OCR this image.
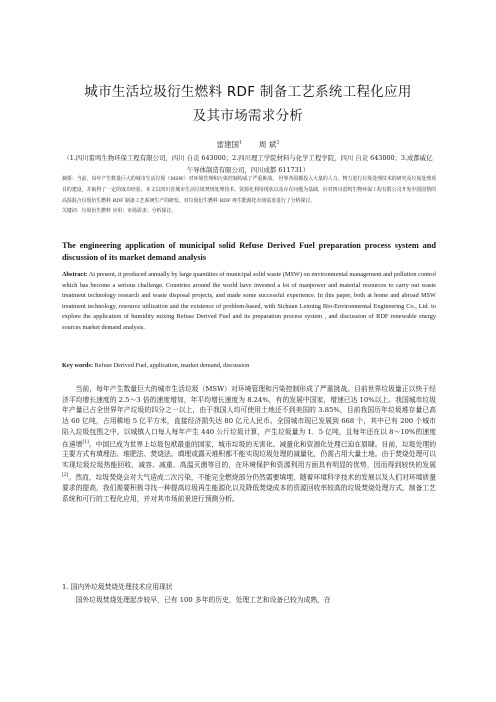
城市生活垃圾衍生燃料 RDF 制备工艺系统工程化应用
及其市场需求分析
雷建国$^1$ 周 斌$^2$
（1.四川雷鸣生物环保工程有限公司，四川 自贡 643000；2.四川理工学院材料与化学工程学院，四川 自贡 643000；3.成都威亿午导体制造有限公司，四川成都 611731）
摘要：当前，每年产生数量巨大的城市生活垃圾（MSW）对环境管理和污染控制构成了严重挑战。 世界各国都投入大量的人力、物力进行垃圾处理技术的研究及垃圾处理项目的建设，并取得了一定的成功经验。本文以四川省城市生活垃圾焚烧处理技术、资源化利用现状以及存在问题为基础，针对四川雷鸣生物环保工程有限公司开发中国国情的高湿混合垃圾衍生燃料 RDF 制备工艺系统生产的研发，对垃圾衍生燃料 RDF 再生能源化市场需求进行了分析探讨。
关键词：垃圾衍生燃料 应用；市场需求；分析探讨。
The engineering application of municipal solid Refuse Derived Fuel preparation process system and discussion of its market demand analysis
Abstract: At present, it produced annually by large quantities of municipal solid waste (MSW) on environmental management and pollution control which has become a serious challenge. Countries around the world have invested a lot of manpower and material resources to carry out waste treatment technology research and waste disposal projects, and made some successful experience. In this paper, both at home and abroad MSW treatment technology, resource utilization and the existence of problem-based, with Sichuan Leiming Bio-Environmental Engineering Co., Ltd. to explore the application of humidity mixing Refuse Derived Fuel and its preparation process system , and discussion of RDF renewable energy sources market demand analysis.
Key words: Refuse Derived Fuel, application, market demand, discussion
当前，每年产生数量巨大的城市生活垃圾（MSW）对环境管理和污染控制形成了严重挑战。目前世界垃圾量正以快于经济平均增长速度的 2.5～3 倍的速度增加，年平均增长速度为 8.24%，有的发展中国家，增速已达 10%以上。我国城市垃圾年产量已占全世界年产垃圾的四分之一以上，由于我国人均可使用土地还不到美国的 3.85%，目前我国历年垃圾堆存量已高达 60 亿吨，占用耕地 5 亿平方米，直接经济损失达 80 亿元人民币。全国城市现已发展到 668 个，其中已有 200 个城市陷入垃圾包围之中。以城镇人口每人每年产生 440 公斤垃圾计算，产生垃圾量为 1．5 亿吨，且每年还在以 8～10%的速度在递增[1]。中国已成为世界上垃圾包袱最重的国家，城市垃圾的无害化、减量化和资源化处理已迫在眉睫。目前，垃圾处理的主要方式有填埋法、堆肥法、焚烧法。填埋或露天堆积都不能实现垃圾处理的减量化，仍需占用大量土地。由于焚烧处理可以实现垃圾垃圾热能回收、减容、减重、高温灭菌等目的，在环境保护和资源利用方面具有明显的优势，因而得到较快的发展[2]。然而，垃圾焚烧会对大气造成二次污染，不能完全燃烧部分仍然需要填埋，随着环境科学技术的发展以及人们对环境质量要求的提高，我们需要积极寻找一种提高垃圾再生能源化以及降低焚烧成本的资源回收率较高的垃圾焚烧处理方式，制备工艺系统和可行的工程化应用，并对其市场前景进行预测分析。
1. 国内外垃圾焚烧处理技术应用现状
国外垃圾焚烧处理起步较早，已有 100 多年的历史，处理工艺和设备已较为成熟，在
